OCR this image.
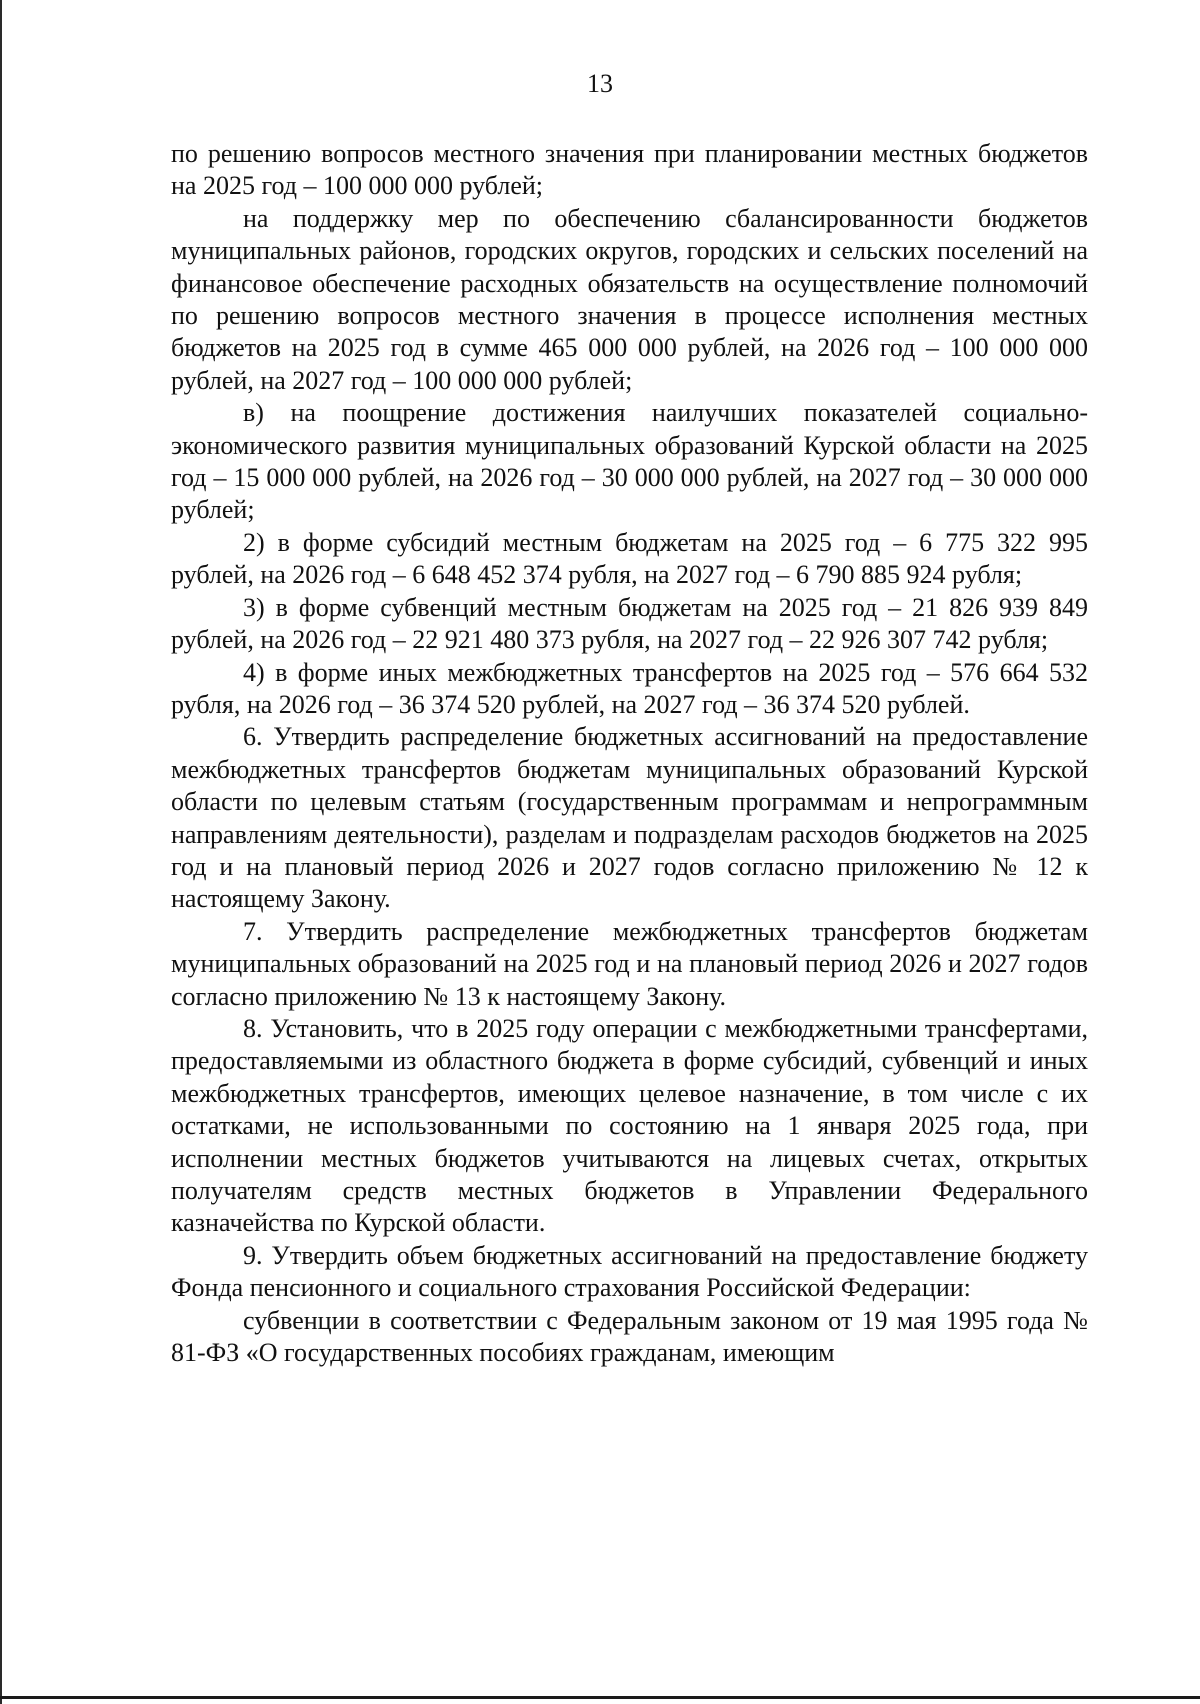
13

по решению вопросов местного значения при планировании местных бюджетов на 2025 год – 100 000 000 рублей;

на поддержку мер по обеспечению сбалансированности бюджетов муниципальных районов, городских округов, городских и сельских поселений на финансовое обеспечение расходных обязательств на осуществление полномочий по решению вопросов местного значения в процессе исполнения местных бюджетов на 2025 год в сумме 465 000 000 рублей, на 2026 год – 100 000 000 рублей, на 2027 год – 100 000 000 рублей;

в) на поощрение достижения наилучших показателей социально-экономического развития муниципальных образований Курской области на 2025 год – 15 000 000 рублей, на 2026 год – 30 000 000 рублей, на 2027 год – 30 000 000 рублей;

2) в форме субсидий местным бюджетам на 2025 год – 6 775 322 995 рублей, на 2026 год – 6 648 452 374 рубля, на 2027 год – 6 790 885 924 рубля;

3) в форме субвенций местным бюджетам на 2025 год – 21 826 939 849 рублей, на 2026 год – 22 921 480 373 рубля, на 2027 год – 22 926 307 742 рубля;

4) в форме иных межбюджетных трансфертов на 2025 год – 576 664 532 рубля, на 2026 год – 36 374 520 рублей, на 2027 год – 36 374 520 рублей.

6. Утвердить распределение бюджетных ассигнований на предоставление межбюджетных трансфертов бюджетам муниципальных образований Курской области по целевым статьям (государственным программам и непрограммным направлениям деятельности), разделам и подразделам расходов бюджетов на 2025 год и на плановый период 2026 и 2027 годов согласно приложению № 12 к настоящему Закону.

7. Утвердить распределение межбюджетных трансфертов бюджетам муниципальных образований на 2025 год и на плановый период 2026 и 2027 годов согласно приложению № 13 к настоящему Закону.

8. Установить, что в 2025 году операции с межбюджетными трансфертами, предоставляемыми из областного бюджета в форме субсидий, субвенций и иных межбюджетных трансфертов, имеющих целевое назначение, в том числе с их остатками, не использованными по состоянию на 1 января 2025 года, при исполнении местных бюджетов учитываются на лицевых счетах, открытых получателям средств местных бюджетов в Управлении Федерального казначейства по Курской области.

9. Утвердить объем бюджетных ассигнований на предоставление бюджету Фонда пенсионного и социального страхования Российской Федерации:

субвенции в соответствии с Федеральным законом от 19 мая 1995 года № 81-ФЗ «О государственных пособиях гражданам, имеющим
